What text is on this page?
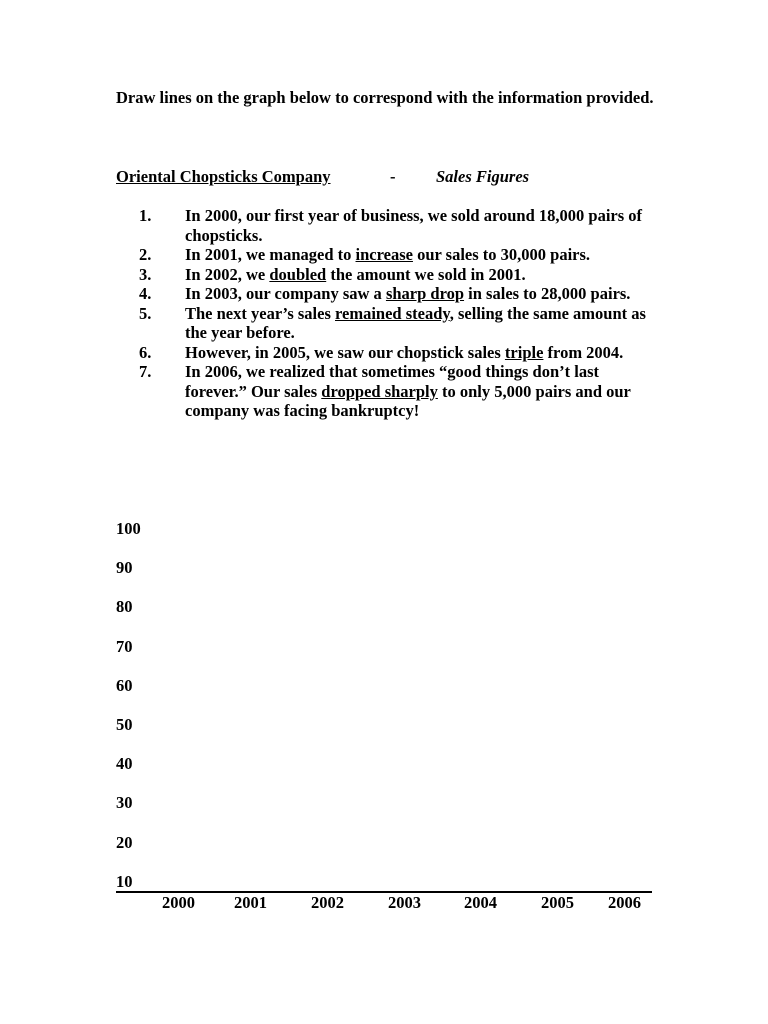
Draw lines on the graph below to correspond with the information provided.
Oriental Chopsticks Company	- Sales Figures
1. In 2000, our first year of business, we sold around 18,000 pairs of chopsticks.
2. In 2001, we managed to increase our sales to 30,000 pairs.
3. In 2002, we doubled the amount we sold in 2001.
4. In 2003, our company saw a sharp drop in sales to 28,000 pairs.
5. The next year’s sales remained steady, selling the same amount as the year before.
6. However, in 2005, we saw our chopstick sales triple from 2004.
7. In 2006, we realized that sometimes “good things don’t last forever.” Our sales dropped sharply to only 5,000 pairs and our company was facing bankruptcy!
100
90
80
70
60
50
40
30
20
10
2000 2001	2002	2003	2004	2005 2006
